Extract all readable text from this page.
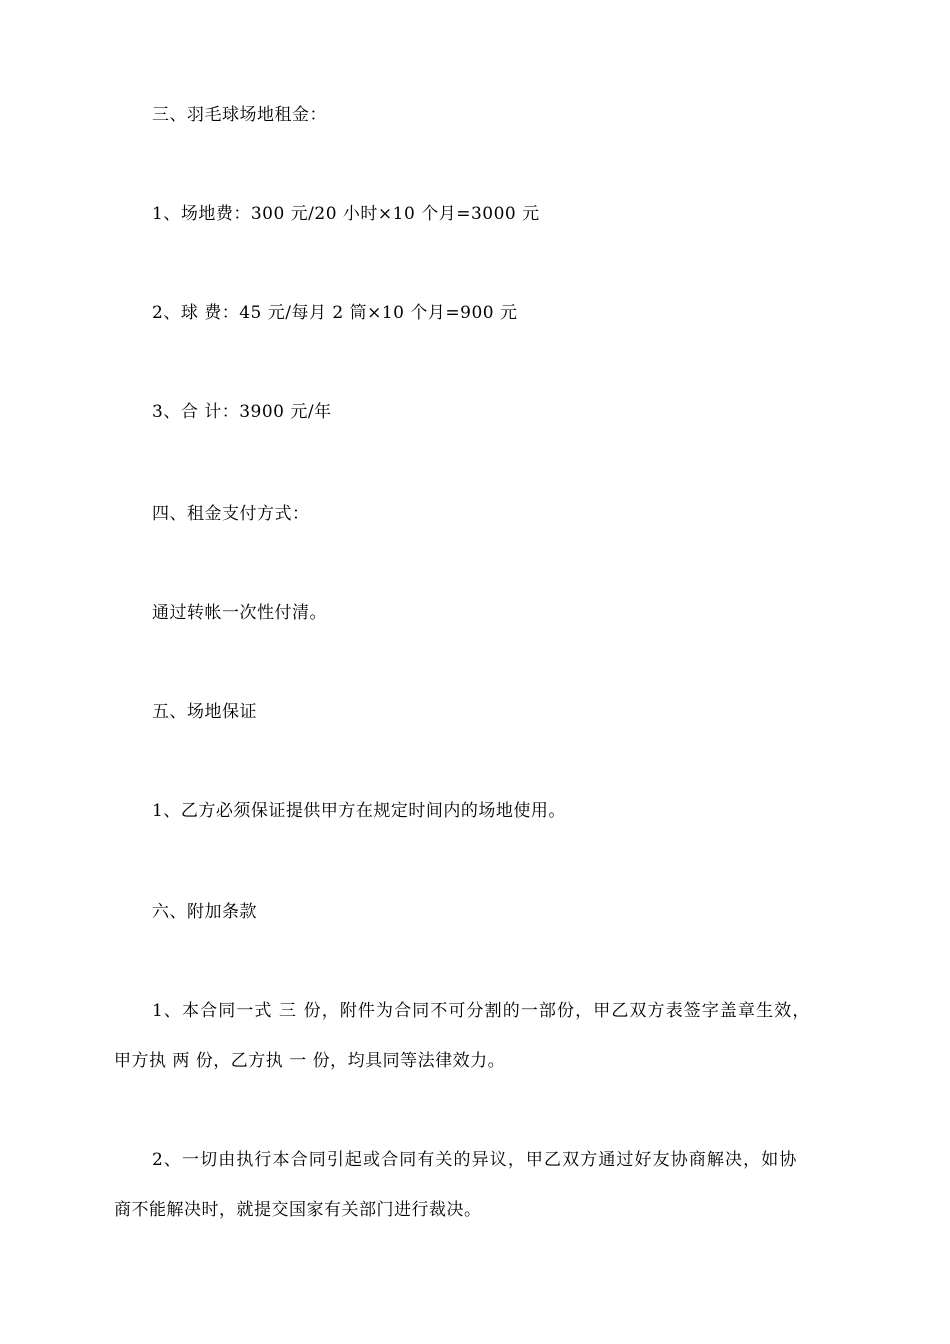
三、羽毛球场地租金：
1、场地费：300 元/20 小时×10 个月=3000 元
2、球 费：45 元/每月 2 筒×10 个月=900 元
3、合 计：3900 元/年
四、租金支付方式：
通过转帐一次性付清。
五、场地保证
1、乙方必须保证提供甲方在规定时间内的场地使用。
六、附加条款
1、本合同一式 三 份，附件为合同不可分割的一部份，甲乙双方表签字盖章生效，
甲方执 两 份，乙方执 一 份，均具同等法律效力。
2、一切由执行本合同引起或合同有关的异议，甲乙双方通过好友协商解决，如协
商不能解决时，就提交国家有关部门进行裁决。
